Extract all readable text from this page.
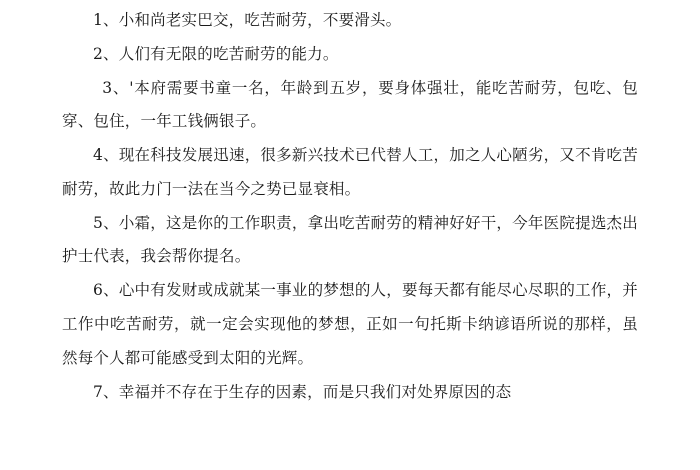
1、小和尚老实巴交，吃苦耐劳，不要滑头。

2、人们有无限的吃苦耐劳的能力。

3、'本府需要书童一名，年龄到五岁，要身体强壮，能吃苦耐劳，包吃、包穿、包住，一年工钱俩银子。

4、现在科技发展迅速，很多新兴技术已代替人工，加之人心陋劣，又不肯吃苦耐劳，故此力门一法在当今之势已显衰相。

5、小霜，这是你的工作职责，拿出吃苦耐劳的精神好好干，今年医院提选杰出护士代表，我会帮你提名。

6、心中有发财或成就某一事业的梦想的人，要每天都有能尽心尽职的工作，并工作中吃苦耐劳，就一定会实现他的梦想，正如一句托斯卡纳谚语所说的那样，虽然每个人都可能感受到太阳的光辉。

7、幸福并不存在于生存的因素，而是只我们对处界原因的态
